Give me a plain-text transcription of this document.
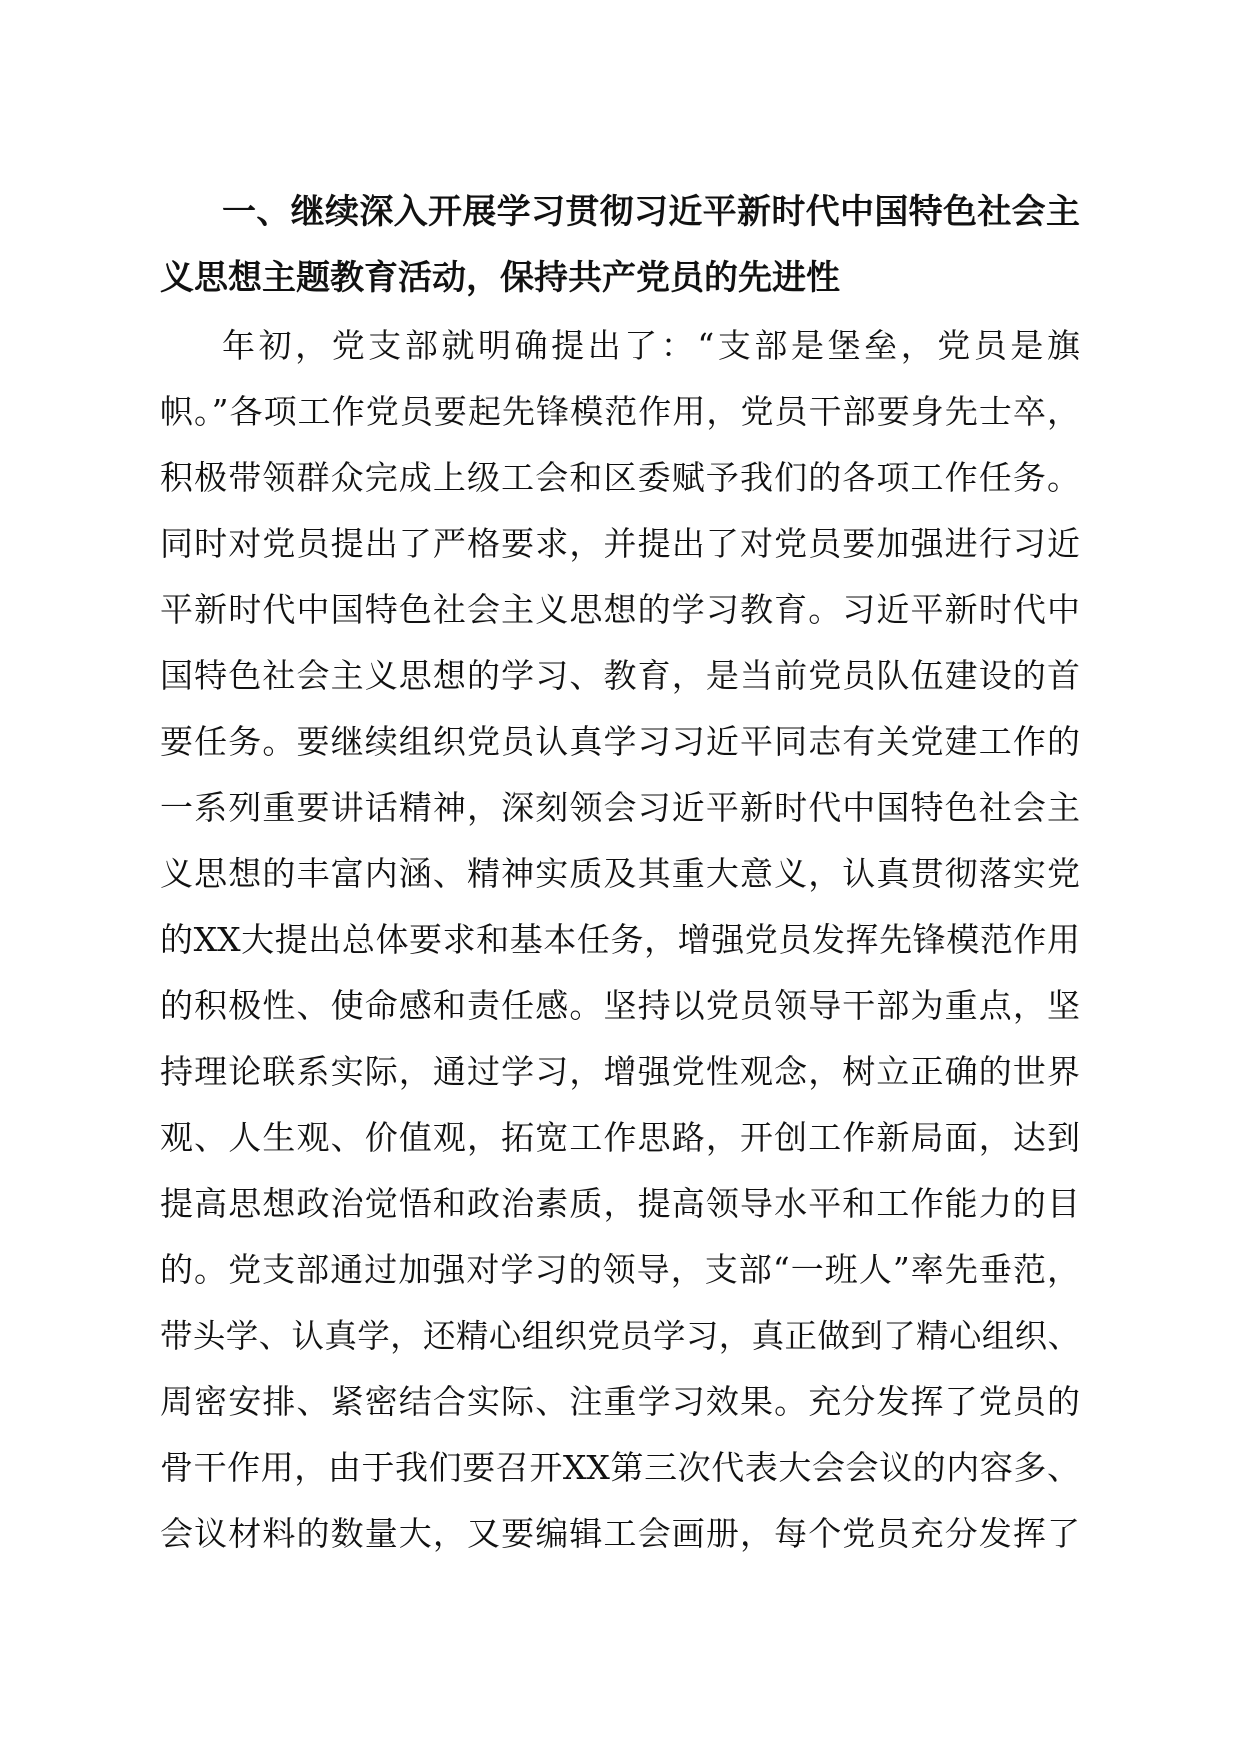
一、继续深入开展学习贯彻习近平新时代中国特色社会主
义思想主题教育活动，保持共产党员的先进性
年初，党支部就明确提出了：“支部是堡垒，党员是旗
帜。”各项工作党员要起先锋模范作用，党员干部要身先士卒，
积极带领群众完成上级工会和区委赋予我们的各项工作任务。
同时对党员提出了严格要求，并提出了对党员要加强进行习近
平新时代中国特色社会主义思想的学习教育。习近平新时代中
国特色社会主义思想的学习、教育，是当前党员队伍建设的首
要任务。要继续组织党员认真学习习近平同志有关党建工作的
一系列重要讲话精神，深刻领会习近平新时代中国特色社会主
义思想的丰富内涵、精神实质及其重大意义，认真贯彻落实党
的XX大提出总体要求和基本任务，增强党员发挥先锋模范作用
的积极性、使命感和责任感。坚持以党员领导干部为重点，坚
持理论联系实际，通过学习，增强党性观念，树立正确的世界
观、人生观、价值观，拓宽工作思路，开创工作新局面，达到
提高思想政治觉悟和政治素质，提高领导水平和工作能力的目
的。党支部通过加强对学习的领导，支部“一班人”率先垂范，
带头学、认真学，还精心组织党员学习，真正做到了精心组织、
周密安排、紧密结合实际、注重学习效果。充分发挥了党员的
骨干作用，由于我们要召开XX第三次代表大会会议的内容多、
会议材料的数量大，又要编辑工会画册，每个党员充分发挥了
